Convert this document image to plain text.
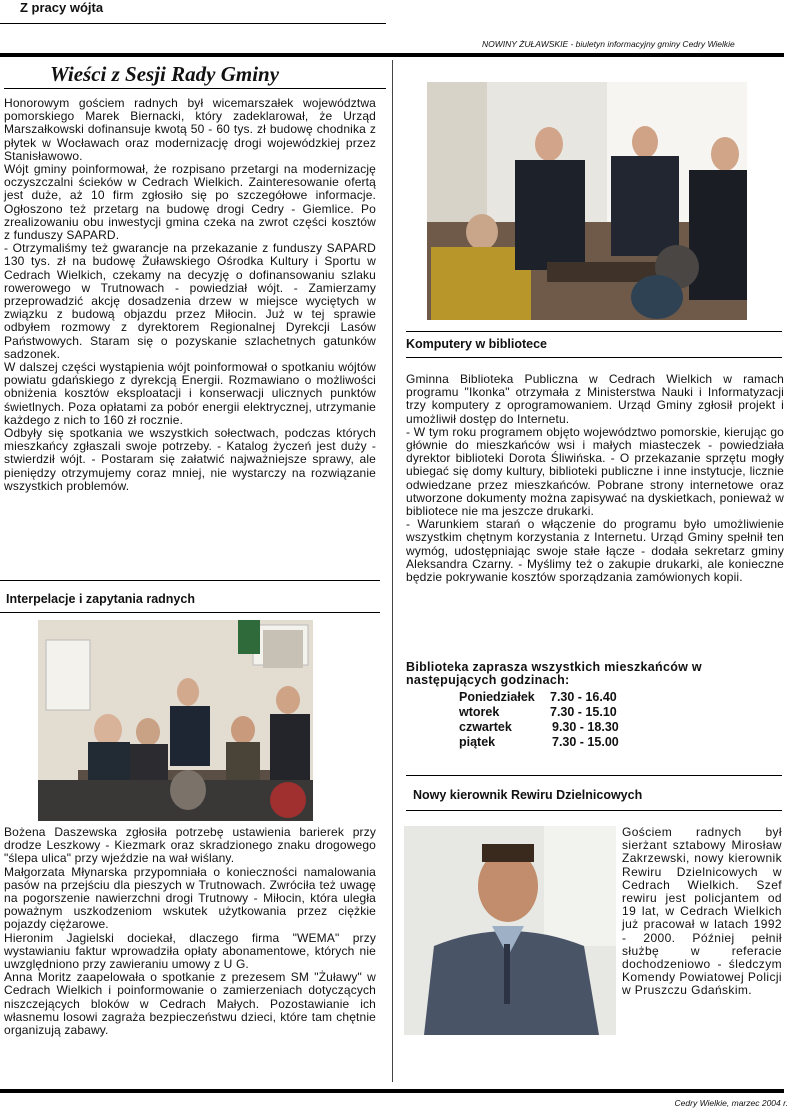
Z pracy wójta
NOWINY ŻUŁAWSKIE - biuletyn informacyjny gminy Cedry Wielkie
Wieści z Sesji Rady Gminy

Honorowym gościem radnych był wicemarszałek województwa pomorskiego Marek Biernacki, który zadeklarował, że Urząd Marszałkowski dofinansuje kwotą 50 - 60 tys. zł budowę chodnika z płytek w Wocławach oraz modernizację drogi wojewódzkiej przez Stanisławowo.

Wójt gminy poinformował, że rozpisano przetargi na modernizację oczyszczalni ścieków w Cedrach Wielkich. Zainteresowanie ofertą jest duże, aż 10 firm zgłosiło się po szczegółowe informacje. Ogłoszono też przetarg na budowę drogi Cedry - Giemlice. Po zrealizowaniu obu inwestycji gmina czeka na zwrot części kosztów z funduszy SAPARD.

- Otrzymaliśmy też gwarancje na przekazanie z funduszy SAPARD 130 tys. zł na budowę Żuławskiego Ośrodka Kultury i Sportu w Cedrach Wielkich, czekamy na decyzję o dofinansowaniu szlaku rowerowego w Trutnowach - powiedział wójt. - Zamierzamy przeprowadzić akcję dosadzenia drzew w miejsce wyciętych w związku z budową objazdu przez Miłocin. Już w tej sprawie odbyłem rozmowy z dyrektorem Regionalnej Dyrekcji Lasów Państwowych. Staram się o pozyskanie szlachetnych gatunków sadzonek.

W dalszej części wystąpienia wójt poinformował o spotkaniu wójtów powiatu gdańskiego z dyrekcją Energii. Rozmawiano o możliwości obniżenia kosztów eksploatacji i konserwacji ulicznych punktów świetlnych. Poza opłatami za pobór energii elektrycznej, utrzymanie każdego z nich to 160 zł rocznie.

Odbyły się spotkania we wszystkich sołectwach, podczas których mieszkańcy zgłaszali swoje potrzeby. - Katalog życzeń jest duży - stwierdził wójt. - Postaram się załatwić najważniejsze sprawy, ale pieniędzy otrzymujemy coraz mniej, nie wystarczy na rozwiązanie wszystkich problemów.

Interpelacje i zapytania radnych

Bożena Daszewska zgłosiła potrzebę ustawienia barierek przy drodze Leszkowy - Kiezmark oraz skradzionego znaku drogowego "ślepa ulica" przy wjeździe na wał wiślany.

Małgorzata Młynarska przypomniała o konieczności namalowania pasów na przejściu dla pieszych w Trutnowach. Zwróciła też uwagę na pogorszenie nawierzchni drogi Trutnowy - Miłocin, która uległa poważnym uszkodzeniom wskutek użytkowania przez ciężkie pojazdy ciężarowe.

Hieronim Jagielski dociekał, dlaczego firma "WEMA" przy wystawianiu faktur wprowadziła opłaty abonamentowe, których nie uwzględniono przy zawieraniu umowy z U G.

Anna Moritz zaapelowała o spotkanie z prezesem SM "Żuławy" w Cedrach Wielkich i poinformowanie o zamierzeniach dotyczących niszczejących bloków w Cedrach Małych. Pozostawianie ich własnemu losowi zagraża bezpieczeństwu dzieci, które tam chętnie organizują zabawy.

Komputery w bibliotece

Gminna Biblioteka Publiczna w Cedrach Wielkich w ramach programu "Ikonka" otrzymała z Ministerstwa Nauki i Informatyzacji trzy komputery z oprogramowaniem. Urząd Gminy zgłosił projekt i umożliwił dostęp do Internetu.

- W tym roku programem objęto województwo pomorskie, kierując go głównie do mieszkańców wsi i małych miasteczek - powiedziała dyrektor biblioteki Dorota Śliwińska. - O przekazanie sprzętu mogły ubiegać się domy kultury, biblioteki publiczne i inne instytucje, licznie odwiedzane przez mieszkańców. Pobrane strony internetowe oraz utworzone dokumenty można zapisywać na dyskietkach, ponieważ w bibliotece nie ma jeszcze drukarki.

- Warunkiem starań o włączenie do programu było umożliwienie wszystkim chętnym korzystania z Internetu. Urząd Gminy spełnił ten wymóg, udostępniając swoje stałe łącze - dodała sekretarz gminy Aleksandra Czarny. - Myślimy też o zakupie drukarki, ale konieczne będzie pokrywanie kosztów sporządzania zamówionych kopii.

Biblioteka zaprasza wszystkich mieszkańców w następujących godzinach:
Poniedziałek 7.30 - 16.40
wtorek	7.30 - 15.10
czwartek	9.30 - 18.30
piątek	7.30 - 15.00
Nowy kierownik Rewiru Dzielnicowych

Gościem radnych był sierżant sztabowy Mirosław Zakrzewski, nowy kierownik Rewiru Dzielnicowych w Cedrach Wielkich. Szef rewiru jest policjantem od 19 lat, w Cedrach Wielkich już pracował w latach 1992 - 2000. Później pełnił służbę w referacie dochodzeniowo - śledczym Komendy Powiatowej Policji w Pruszczu Gdańskim.

Cedry Wielkie, marzec 2004 r.
